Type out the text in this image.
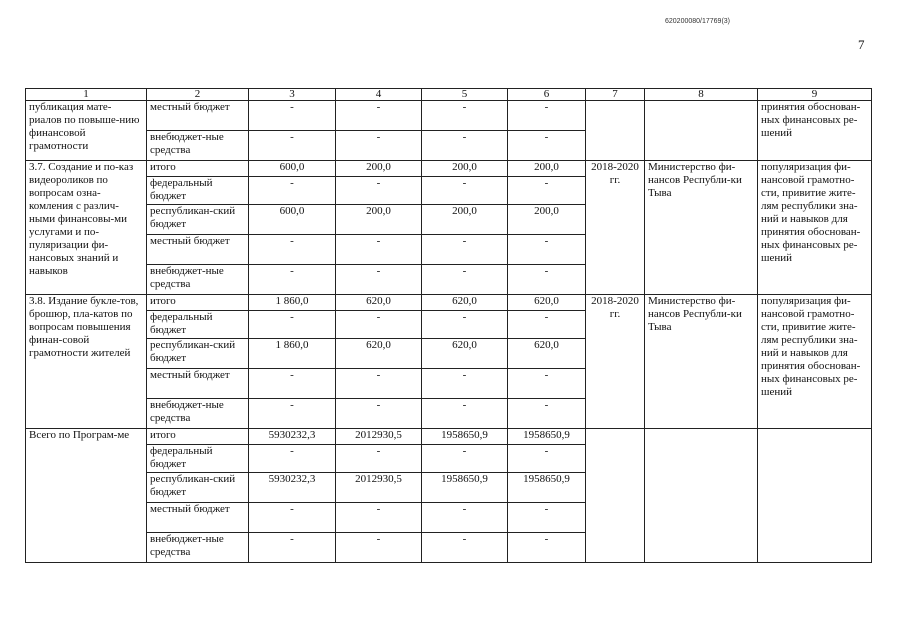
620200080/17769(3)
7
1	2	3	4	5	6	7	8	9
публикация мате-риалов по повыше-нию финансовой грамотности	местный бюджет	-	-	-	-			принятия обоснован-ных финансовых ре-шений
	внебюджет-ные средства	-	-	-	-			
3.7. Создание и по-каз видеороликов по вопросам озна-комления с различ-ными финансовы-ми услугами и по-пуляризации фи-нансовых знаний и навыков	итого	600,0	200,0	200,0	200,0	2018-2020 гг.	Министерство фи-нансов Республи-ки Тыва	популяризация фи-нансовой грамотно-сти, привитие жите-лям республики зна-ний и навыков для принятия обоснован-ных финансовых ре-шений
	федеральный бюджет	-	-	-	-			
	республикан-ский бюджет	600,0	200,0	200,0	200,0			
	местный бюджет	-	-	-	-			
	внебюджет-ные средства	-	-	-	-			
3.8. Издание букле-тов, брошюр, пла-катов по вопросам повышения финан-совой грамотности жителей	итого	1 860,0	620,0	620,0	620,0	2018-2020 гг.	Министерство фи-нансов Республи-ки Тыва	популяризация фи-нансовой грамотно-сти, привитие жите-лям республики зна-ний и навыков для принятия обоснован-ных финансовых ре-шений
	федеральный бюджет	-	-	-	-			
	республикан-ский бюджет	1 860,0	620,0	620,0	620,0			
	местный бюджет	-	-	-	-			
	внебюджет-ные средства	-	-	-	-			
Всего по Програм-ме	итого	5930232,3	2012930,5	1958650,9	1958650,9			
	федеральный бюджет	-	-	-	-			
	республикан-ский бюджет	5930232,3	2012930,5	1958650,9	1958650,9			
	местный бюджет	-	-	-	-			
	внебюджет-ные средства	-	-	-	-			
